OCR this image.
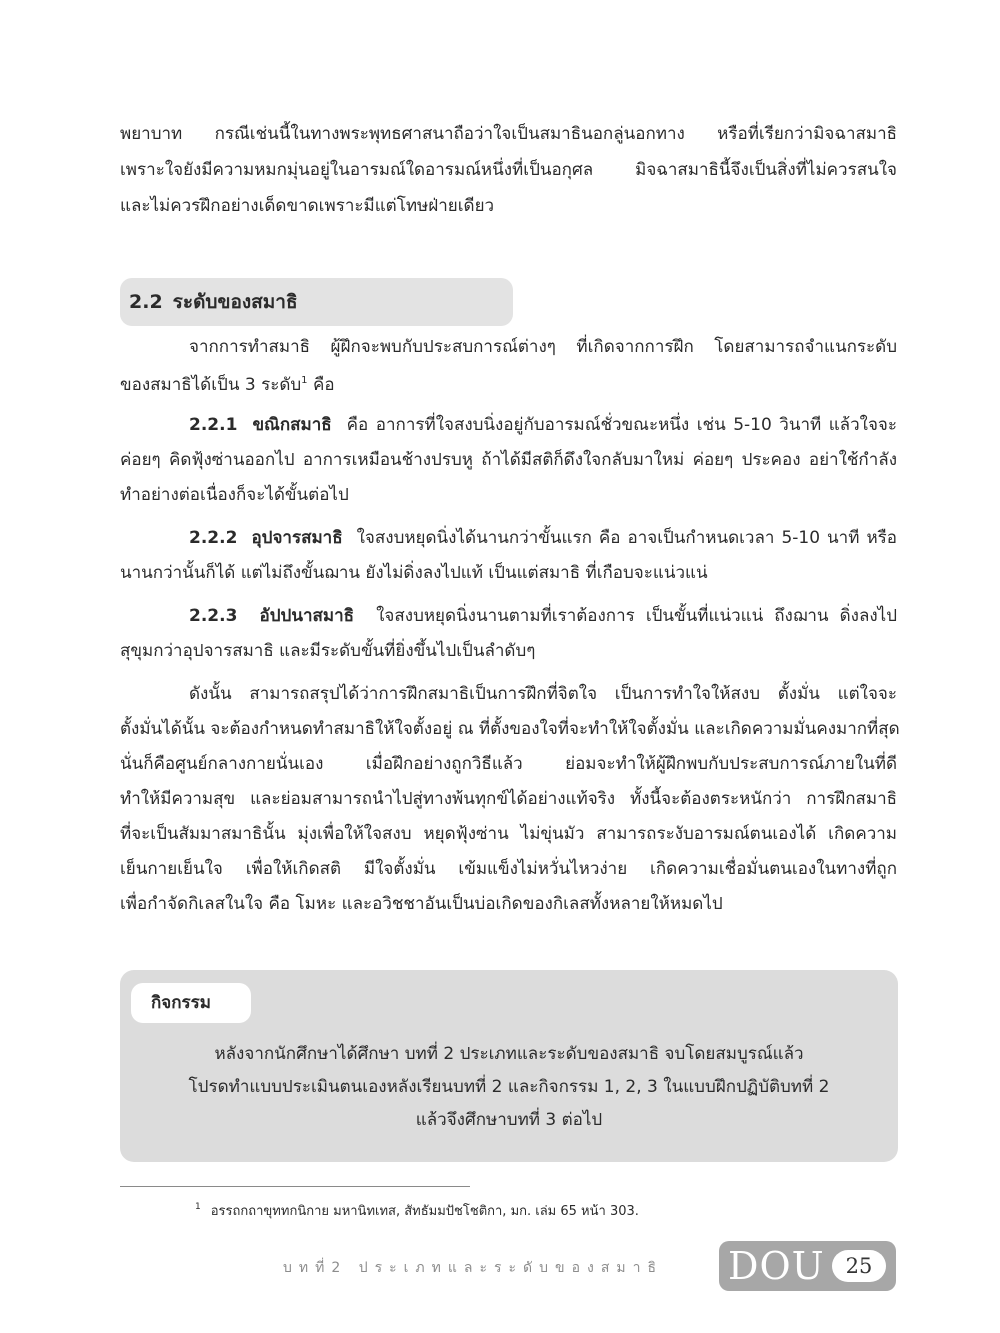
พยาบาท กรณีเช่นนี้ในทางพระพุทธศาสนาถือว่าใจเป็นสมาธินอกลู่นอกทาง หรือที่เรียกว่ามิจฉาสมาธิ

เพราะใจยังมีความหมกมุ่นอยู่ในอารมณ์ใดอารมณ์หนึ่งที่เป็นอกุศล มิจฉาสมาธินี้จึงเป็นสิ่งที่ไม่ควรสนใจ

และไม่ควรฝึกอย่างเด็ดขาดเพราะมีแต่โทษฝ่ายเดียว

2.2 ระดับของสมาธิ

จากการทำสมาธิ ผู้ฝึกจะพบกับประสบการณ์ต่างๆ ที่เกิดจากการฝึก โดยสามารถจำแนกระดับ

ของสมาธิได้เป็น 3 ระดับ$^1$ คือ

2.2.1 ขณิกสมาธิ คือ อาการที่ใจสงบนิ่งอยู่กับอารมณ์ชั่วขณะหนึ่ง เช่น 5-10 วินาที แล้วใจจะ

ค่อยๆ คิดฟุ้งซ่านออกไป อาการเหมือนช้างปรบหู ถ้าได้มีสติก็ดึงใจกลับมาใหม่ ค่อยๆ ประคอง อย่าใช้กำลัง

ทำอย่างต่อเนื่องก็จะได้ขั้นต่อไป

2.2.2 อุปจารสมาธิ ใจสงบหยุดนิ่งได้นานกว่าขั้นแรก คือ อาจเป็นกำหนดเวลา 5-10 นาที หรือ

นานกว่านั้นก็ได้ แต่ไม่ถึงขั้นฌาน ยังไม่ดิ่งลงไปแท้ เป็นแต่สมาธิ ที่เกือบจะแน่วแน่

2.2.3 อัปปนาสมาธิ ใจสงบหยุดนิ่งนานตามที่เราต้องการ เป็นขั้นที่แน่วแน่ ถึงฌาน ดิ่งลงไป

สุขุมกว่าอุปจารสมาธิ และมีระดับขั้นที่ยิ่งขึ้นไปเป็นลำดับๆ

ดังนั้น สามารถสรุปได้ว่าการฝึกสมาธิเป็นการฝึกที่จิตใจ เป็นการทำใจให้สงบ ตั้งมั่น แต่ใจจะ

ตั้งมั่นได้นั้น จะต้องกำหนดทำสมาธิให้ใจตั้งอยู่ ณ ที่ตั้งของใจที่จะทำให้ใจตั้งมั่น และเกิดความมั่นคงมากที่สุด

นั่นก็คือศูนย์กลางกายนั่นเอง เมื่อฝึกอย่างถูกวิธีแล้ว ย่อมจะทำให้ผู้ฝึกพบกับประสบการณ์ภายในที่ดี

ทำให้มีความสุข และย่อมสามารถนำไปสู่ทางพ้นทุกข์ได้อย่างแท้จริง ทั้งนี้จะต้องตระหนักว่า การฝึกสมาธิ

ที่จะเป็นสัมมาสมาธินั้น มุ่งเพื่อให้ใจสงบ หยุดฟุ้งซ่าน ไม่ขุ่นมัว สามารถระงับอารมณ์ตนเองได้ เกิดความ

เย็นกายเย็นใจ เพื่อให้เกิดสติ มีใจตั้งมั่น เข้มแข็งไม่หวั่นไหวง่าย เกิดความเชื่อมั่นตนเองในทางที่ถูก

เพื่อกำจัดกิเลสในใจ คือ โมหะ และอวิชชาอันเป็นบ่อเกิดของกิเลสทั้งหลายให้หมดไป

กิจกรรม
หลังจากนักศึกษาได้ศึกษา บทที่ 2 ประเภทและระดับของสมาธิ จบโดยสมบูรณ์แล้ว
โปรดทำแบบประเมินตนเองหลังเรียนบทที่ 2 และกิจกรรม 1, 2, 3 ในแบบฝึกปฏิบัติบทที่ 2
แล้วจึงศึกษาบทที่ 3 ต่อไป
$^1$ อรรถกถาขุททกนิกาย มหานิทเทส, สัทธัมมปัชโชติกา, มก. เล่ม 65 หน้า 303.
บทที่2 ประเภทและระดับของสมาธิ DOU 25
